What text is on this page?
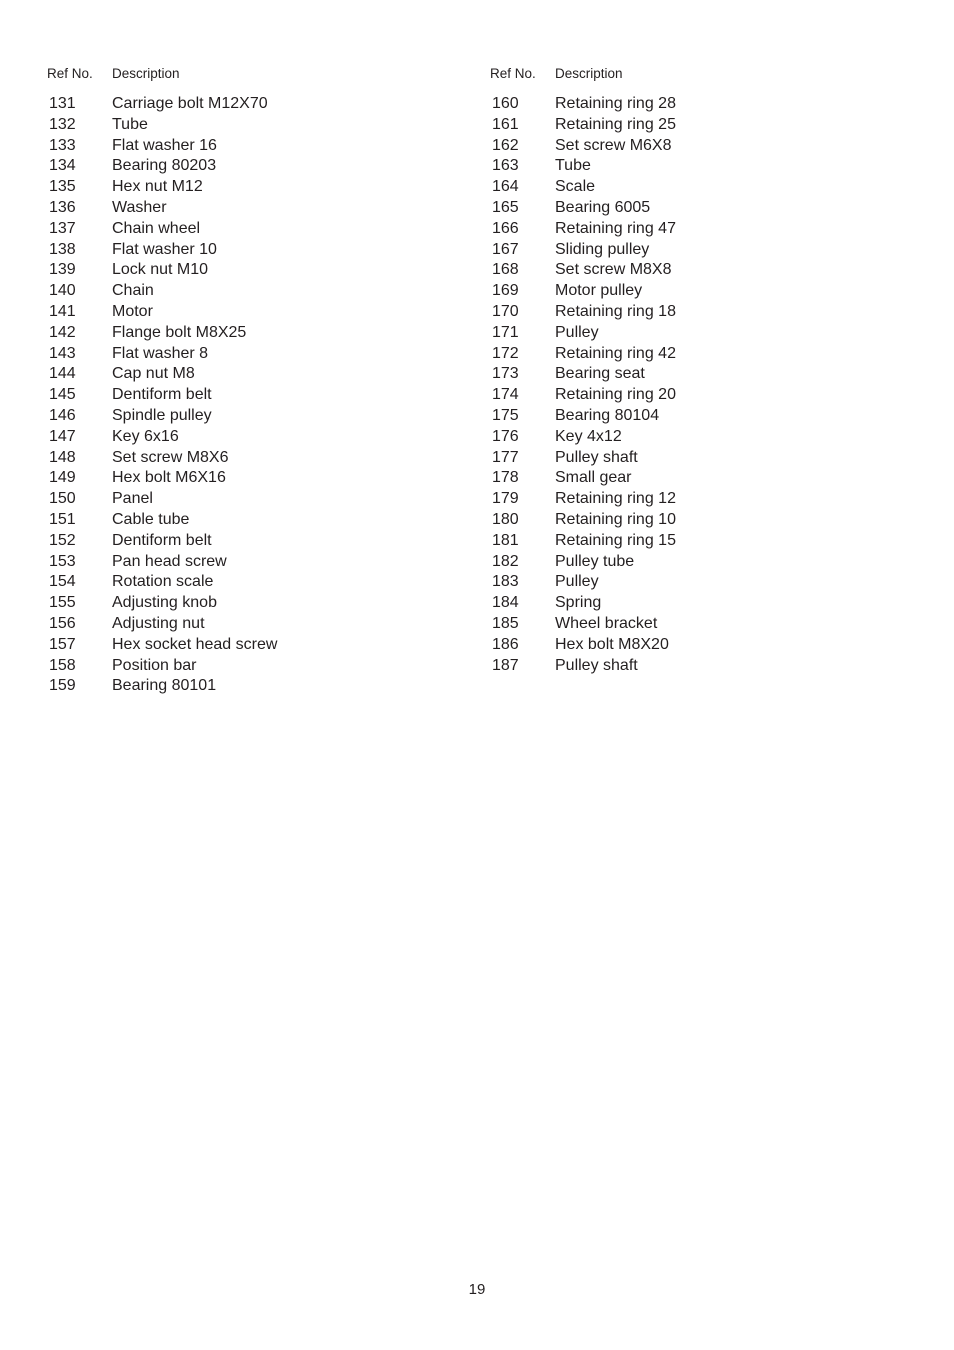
Ref No.	Description
131	Carriage bolt M12X70
132	Tube
133	Flat washer 16
134	Bearing 80203
135	Hex nut M12
136	Washer
137	Chain wheel
138	Flat washer 10
139	Lock nut M10
140	Chain
141	Motor
142	Flange bolt M8X25
143	Flat washer 8
144	Cap nut M8
145	Dentiform belt
146	Spindle pulley
147	Key 6x16
148	Set screw M8X6
149	Hex bolt M6X16
150	Panel
151	Cable tube
152	Dentiform belt
153	Pan head screw
154	Rotation scale
155	Adjusting knob
156	Adjusting nut
157	Hex socket head screw
158	Position bar
159	Bearing 80101
Ref No.	Description
160	Retaining ring 28
161	Retaining ring 25
162	Set screw M6X8
163	Tube
164	Scale
165	Bearing 6005
166	Retaining ring 47
167	Sliding pulley
168	Set screw M8X8
169	Motor pulley
170	Retaining ring 18
171	Pulley
172	Retaining ring 42
173	Bearing seat
174	Retaining ring 20
175	Bearing 80104
176	Key 4x12
177	Pulley shaft
178	Small gear
179	Retaining ring 12
180	Retaining ring 10
181	Retaining ring 15
182	Pulley tube
183	Pulley
184	Spring
185	Wheel bracket
186	Hex bolt M8X20
187	Pulley shaft
19
